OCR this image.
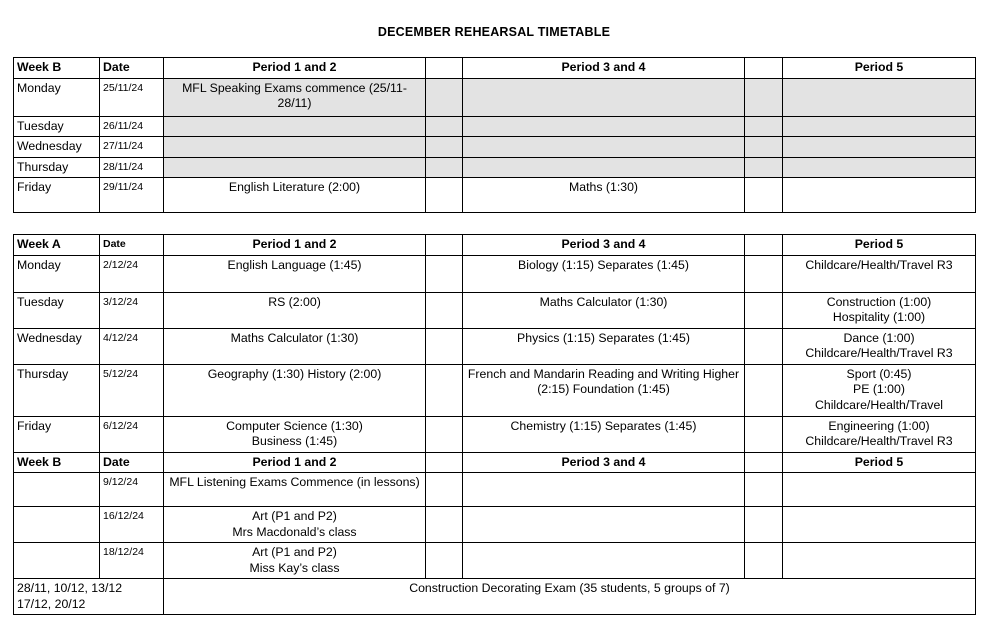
DECEMBER REHEARSAL TIMETABLE
Week B	Date	Period 1 and 2		Period 3 and 4		Period 5
Monday	25/11/24	MFL Speaking Exams commence (25/11-28/11)				
Tuesday	26/11/24					
Wednesday	27/11/24					
Thursday	28/11/24					
Friday	29/11/24	English Literature (2:00)		Maths (1:30)		
Week A	Date	Period 1 and 2		Period 3 and 4		Period 5
Monday	2/12/24	English Language (1:45)		Biology (1:15) Separates (1:45)		Childcare/Health/Travel R3

Tuesday	3/12/24	RS (2:00)		Maths Calculator (1:30)		Construction (1:00)
Hospitality (1:00)

Wednesday	4/12/24	Maths Calculator (1:30)		Physics (1:15) Separates (1:45)		Dance (1:00)
Childcare/Health/Travel R3

Thursday	5/12/24	Geography (1:30) History (2:00)		French and Mandarin Reading and Writing Higher (2:15) Foundation (1:45)		Sport (0:45)
PE (1:00)
Childcare/Health/Travel

Friday	6/12/24	Computer Science (1:30)
Business (1:45)		Chemistry (1:15) Separates (1:45)		Engineering (1:00)
Childcare/Health/Travel R3

Week B	Date	Period 1 and 2		Period 3 and 4		Period 5
	9/12/24	MFL Listening Exams Commence (in lessons)				

	16/12/24	Art (P1 and P2)
Mrs Macdonald’s class				

	18/12/24	Art (P1 and P2)
Miss Kay’s class				

28/11, 10/12, 13/12
17/12, 20/12		Construction Decorating Exam (35 students, 5 groups of 7)				
